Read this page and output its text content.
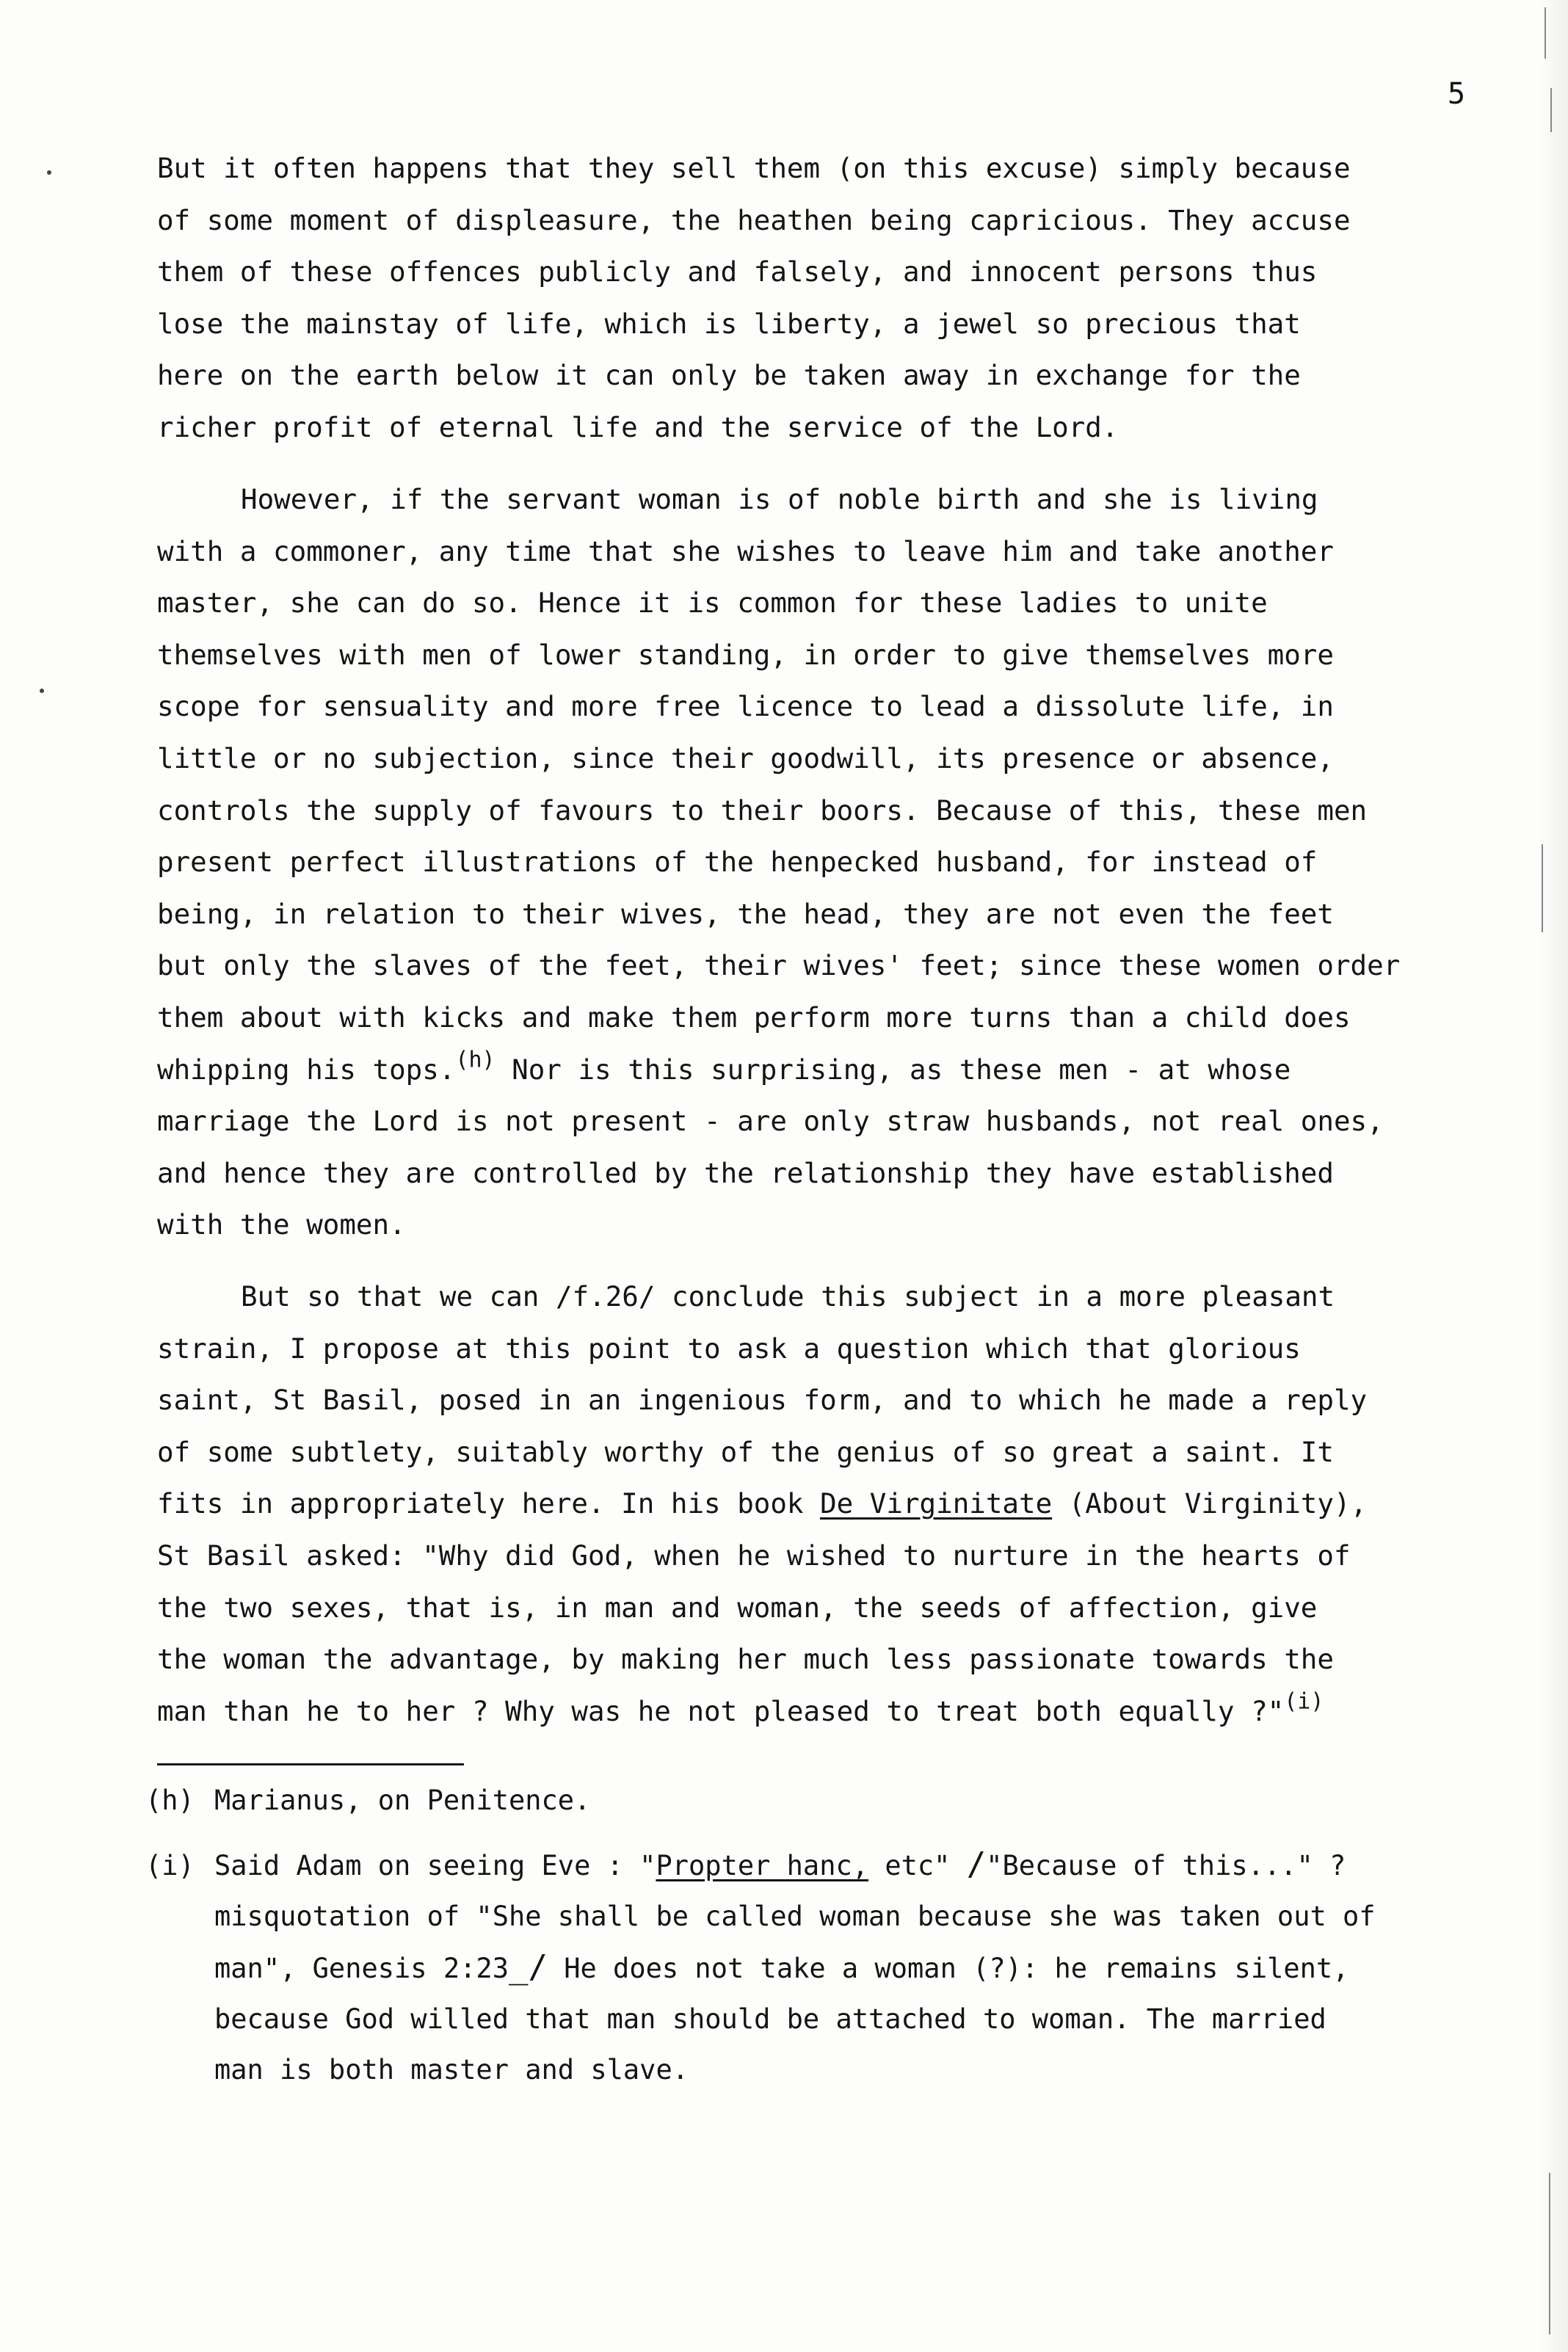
5
But it often happens that they sell them (on this excuse) simply because
of some moment of displeasure, the heathen being capricious. They accuse
them of these offences publicly and falsely, and innocent persons thus
lose the mainstay of life, which is liberty, a jewel so precious that
here on the earth below it can only be taken away in exchange for the
richer profit of eternal life and the service of the Lord.
However, if the servant woman is of noble birth and she is living
with a commoner, any time that she wishes to leave him and take another
master, she can do so. Hence it is common for these ladies to unite
themselves with men of lower standing, in order to give themselves more
scope for sensuality and more free licence to lead a dissolute life, in
little or no subjection, since their goodwill, its presence or absence,
controls the supply of favours to their boors. Because of this, these men
present perfect illustrations of the henpecked husband, for instead of
being, in relation to their wives, the head, they are not even the feet
but only the slaves of the feet, their wives' feet; since these women order
them about with kicks and make them perform more turns than a child does
whipping his tops.$^{(h)}$ Nor is this surprising, as these men - at whose
marriage the Lord is not present - are only straw husbands, not real ones,
and hence they are controlled by the relationship they have established
with the women.
But so that we can /f.26/ conclude this subject in a more pleasant
strain, I propose at this point to ask a question which that glorious
saint, St Basil, posed in an ingenious form, and to which he made a reply
of some subtlety, suitably worthy of the genius of so great a saint. It
fits in appropriately here. In his book De Virginitate (About Virginity),
St Basil asked: "Why did God, when he wished to nurture in the hearts of
the two sexes, that is, in man and woman, the seeds of affection, give
the woman the advantage, by making her much less passionate towards the
man than he to her ? Why was he not pleased to treat both equally ?"$^{(i)}$
(h) Marianus, on Penitence.
(i) Said Adam on seeing Eve : "Propter hanc, etc" /"Because of this..." ?
misquotation of "She shall be called woman because she was taken out of
man", Genesis 2:23_/ He does not take a woman (?): he remains silent,
because God willed that man should be attached to woman. The married
man is both master and slave.
